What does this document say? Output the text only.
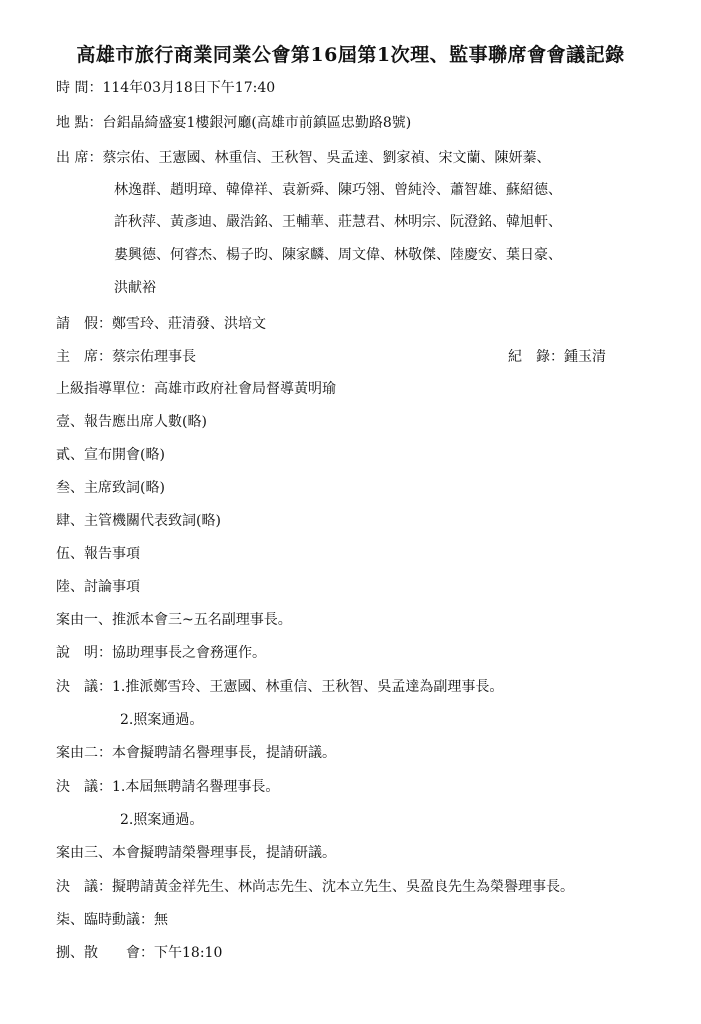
高雄市旅行商業同業公會第16屆第1次理、監事聯席會會議記錄
時 間：114年03月18日下午17:40
地 點：台鋁晶綺盛宴1樓銀河廳(高雄市前鎮區忠勤路8號)
出 席：蔡宗佑、王憲國、林重信、王秋智、吳孟達、劉家禎、宋文蘭、陳妍蓁、
林逸群、趙明璋、韓偉祥、袁新舜、陳巧翎、曾純泠、蕭智雄、蘇紹德、
許秋萍、黃彥迪、嚴浩銘、王輔華、莊慧君、林明宗、阮澄銘、韓旭軒、
婁興德、何睿杰、楊子昀、陳家麟、周文偉、林敬傑、陸慶安、葉日豪、
洪献裕
請　假：鄭雪玲、莊清發、洪培文
主　席：蔡宗佑理事長	紀　錄：鍾玉清
上級指導單位：高雄市政府社會局督導黃明瑜
壹、報告應出席人數(略)
貳、宣布開會(略)
叁、主席致詞(略)
肆、主管機關代表致詞(略)
伍、報告事項
陸、討論事項
案由一、推派本會三~五名副理事長。
說　明：協助理事長之會務運作。
決　議：1.推派鄭雪玲、王憲國、林重信、王秋智、吳孟達為副理事長。
2.照案通過。
案由二：本會擬聘請名譽理事長，提請研議。
決　議：1.本屆無聘請名譽理事長。
2.照案通過。
案由三、本會擬聘請榮譽理事長，提請研議。
決　議：擬聘請黃金祥先生、林尚志先生、沈本立先生、吳盈良先生為榮譽理事長。
柒、臨時動議：無
捌、散　　會：下午18:10
